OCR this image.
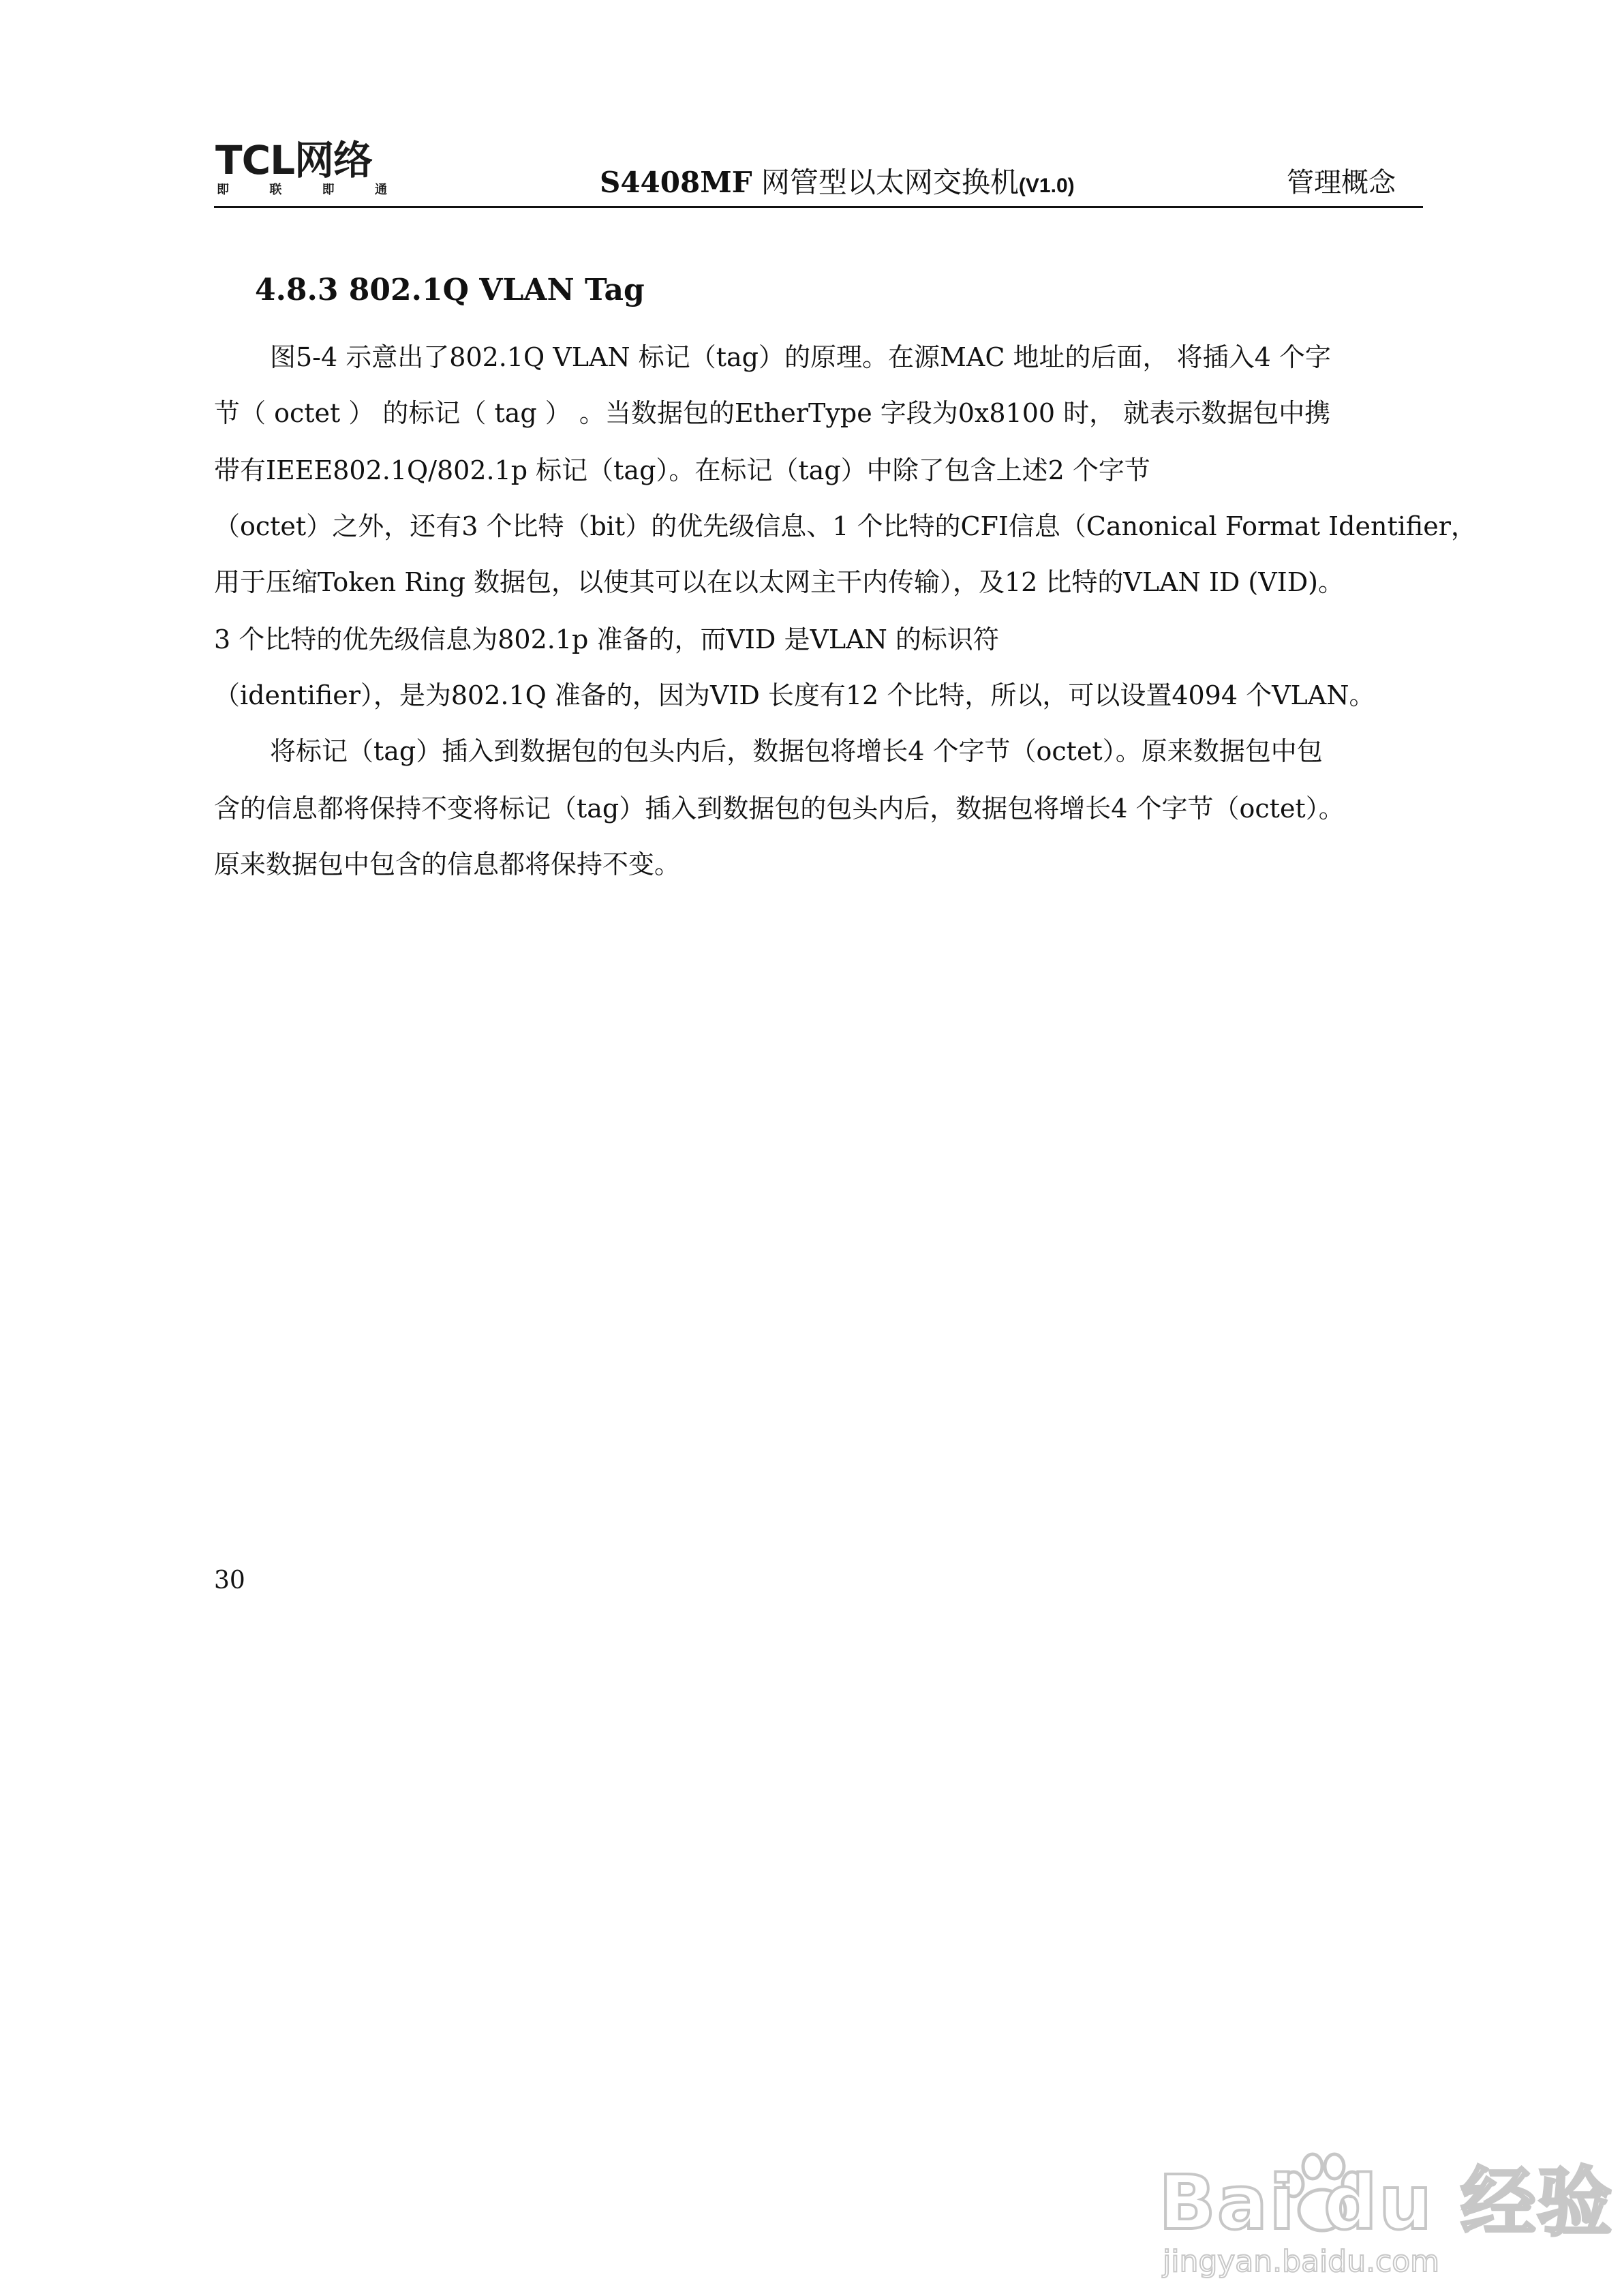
TCL网络
即	联	即	通	S4408MF 网管型以太网交换机(V1.0)	管理概念
4.8.3 802.1Q VLAN Tag
图5-4 示意出了802.1Q VLAN 标记（tag）的原理。在源MAC 地址的后面， 将插入4 个字
节（ octet ） 的标记（ tag ） 。当数据包的EtherType 字段为0x8100 时， 就表示数据包中携
带有IEEE802.1Q/802.1p 标记（tag）。在标记（tag）中除了包含上述2 个字节
（octet）之外，还有3 个比特（bit）的优先级信息、1 个比特的CFI信息（Canonical Format Identifier，
用于压缩Token Ring 数据包，以使其可以在以太网主干内传输），及12 比特的VLAN ID (VID)。
3 个比特的优先级信息为802.1p 准备的，而VID 是VLAN 的标识符
（identifier），是为802.1Q 准备的，因为VID 长度有12 个比特，所以，可以设置4094 个VLAN。
将标记（tag）插入到数据包的包头内后，数据包将增长4 个字节（octet）。原来数据包中包
含的信息都将保持不变将标记（tag）插入到数据包的包头内后，数据包将增长4 个字节（octet）。
原来数据包中包含的信息都将保持不变。
30
Bai du 经验
jingyan.baidu.com
